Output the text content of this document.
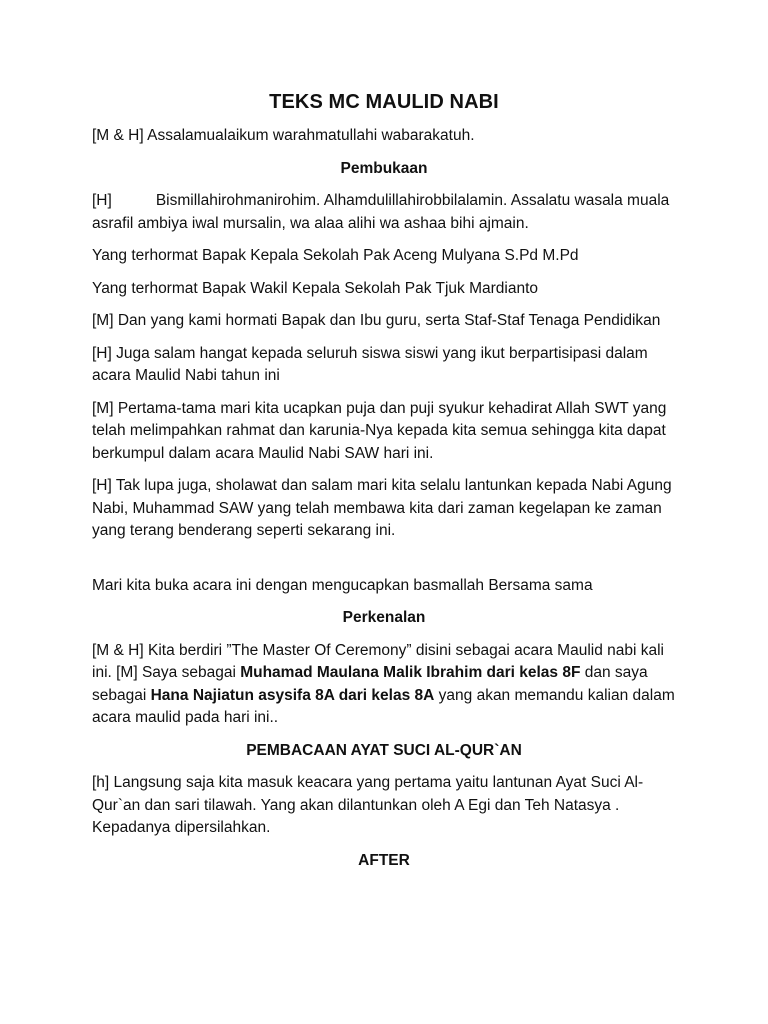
TEKS MC MAULID NABI

[M & H] Assalamualaikum warahmatullahi wabarakatuh.

Pembukaan

[H]	Bismillahirohmanirohim. Alhamdulillahirobbilalamin. Assalatu wasala muala asrafil ambiya iwal mursalin, wa alaa alihi wa ashaa bihi ajmain.

Yang terhormat Bapak Kepala Sekolah Pak Aceng Mulyana S.Pd M.Pd

Yang terhormat Bapak Wakil Kepala Sekolah Pak Tjuk Mardianto

[M] Dan yang kami hormati Bapak dan Ibu guru, serta Staf-Staf Tenaga Pendidikan

[H] Juga salam hangat kepada seluruh siswa siswi yang ikut berpartisipasi dalam acara Maulid Nabi tahun ini

[M] Pertama-tama mari kita ucapkan puja dan puji syukur kehadirat Allah SWT yang telah melimpahkan rahmat dan karunia-Nya kepada kita semua sehingga kita dapat berkumpul dalam acara Maulid Nabi SAW hari ini.

[H] Tak lupa juga, sholawat dan salam mari kita selalu lantunkan kepada Nabi Agung Nabi, Muhammad SAW yang telah membawa kita dari zaman kegelapan ke zaman yang terang benderang seperti sekarang ini.

Mari kita buka acara ini dengan mengucapkan basmallah Bersama sama

Perkenalan

[M & H] Kita berdiri ”The Master Of Ceremony” disini sebagai acara Maulid nabi kali ini. [M] Saya sebagai Muhamad Maulana Malik Ibrahim dari kelas 8F dan saya sebagai Hana Najiatun asysifa 8A dari kelas 8A yang akan memandu kalian dalam acara maulid pada hari ini..

PEMBACAAN AYAT SUCI AL-QUR`AN

[h] Langsung saja kita masuk keacara yang pertama yaitu lantunan Ayat Suci Al-Qur`an dan sari tilawah. Yang akan dilantunkan oleh A Egi dan Teh Natasya . Kepadanya dipersilahkan.

AFTER
